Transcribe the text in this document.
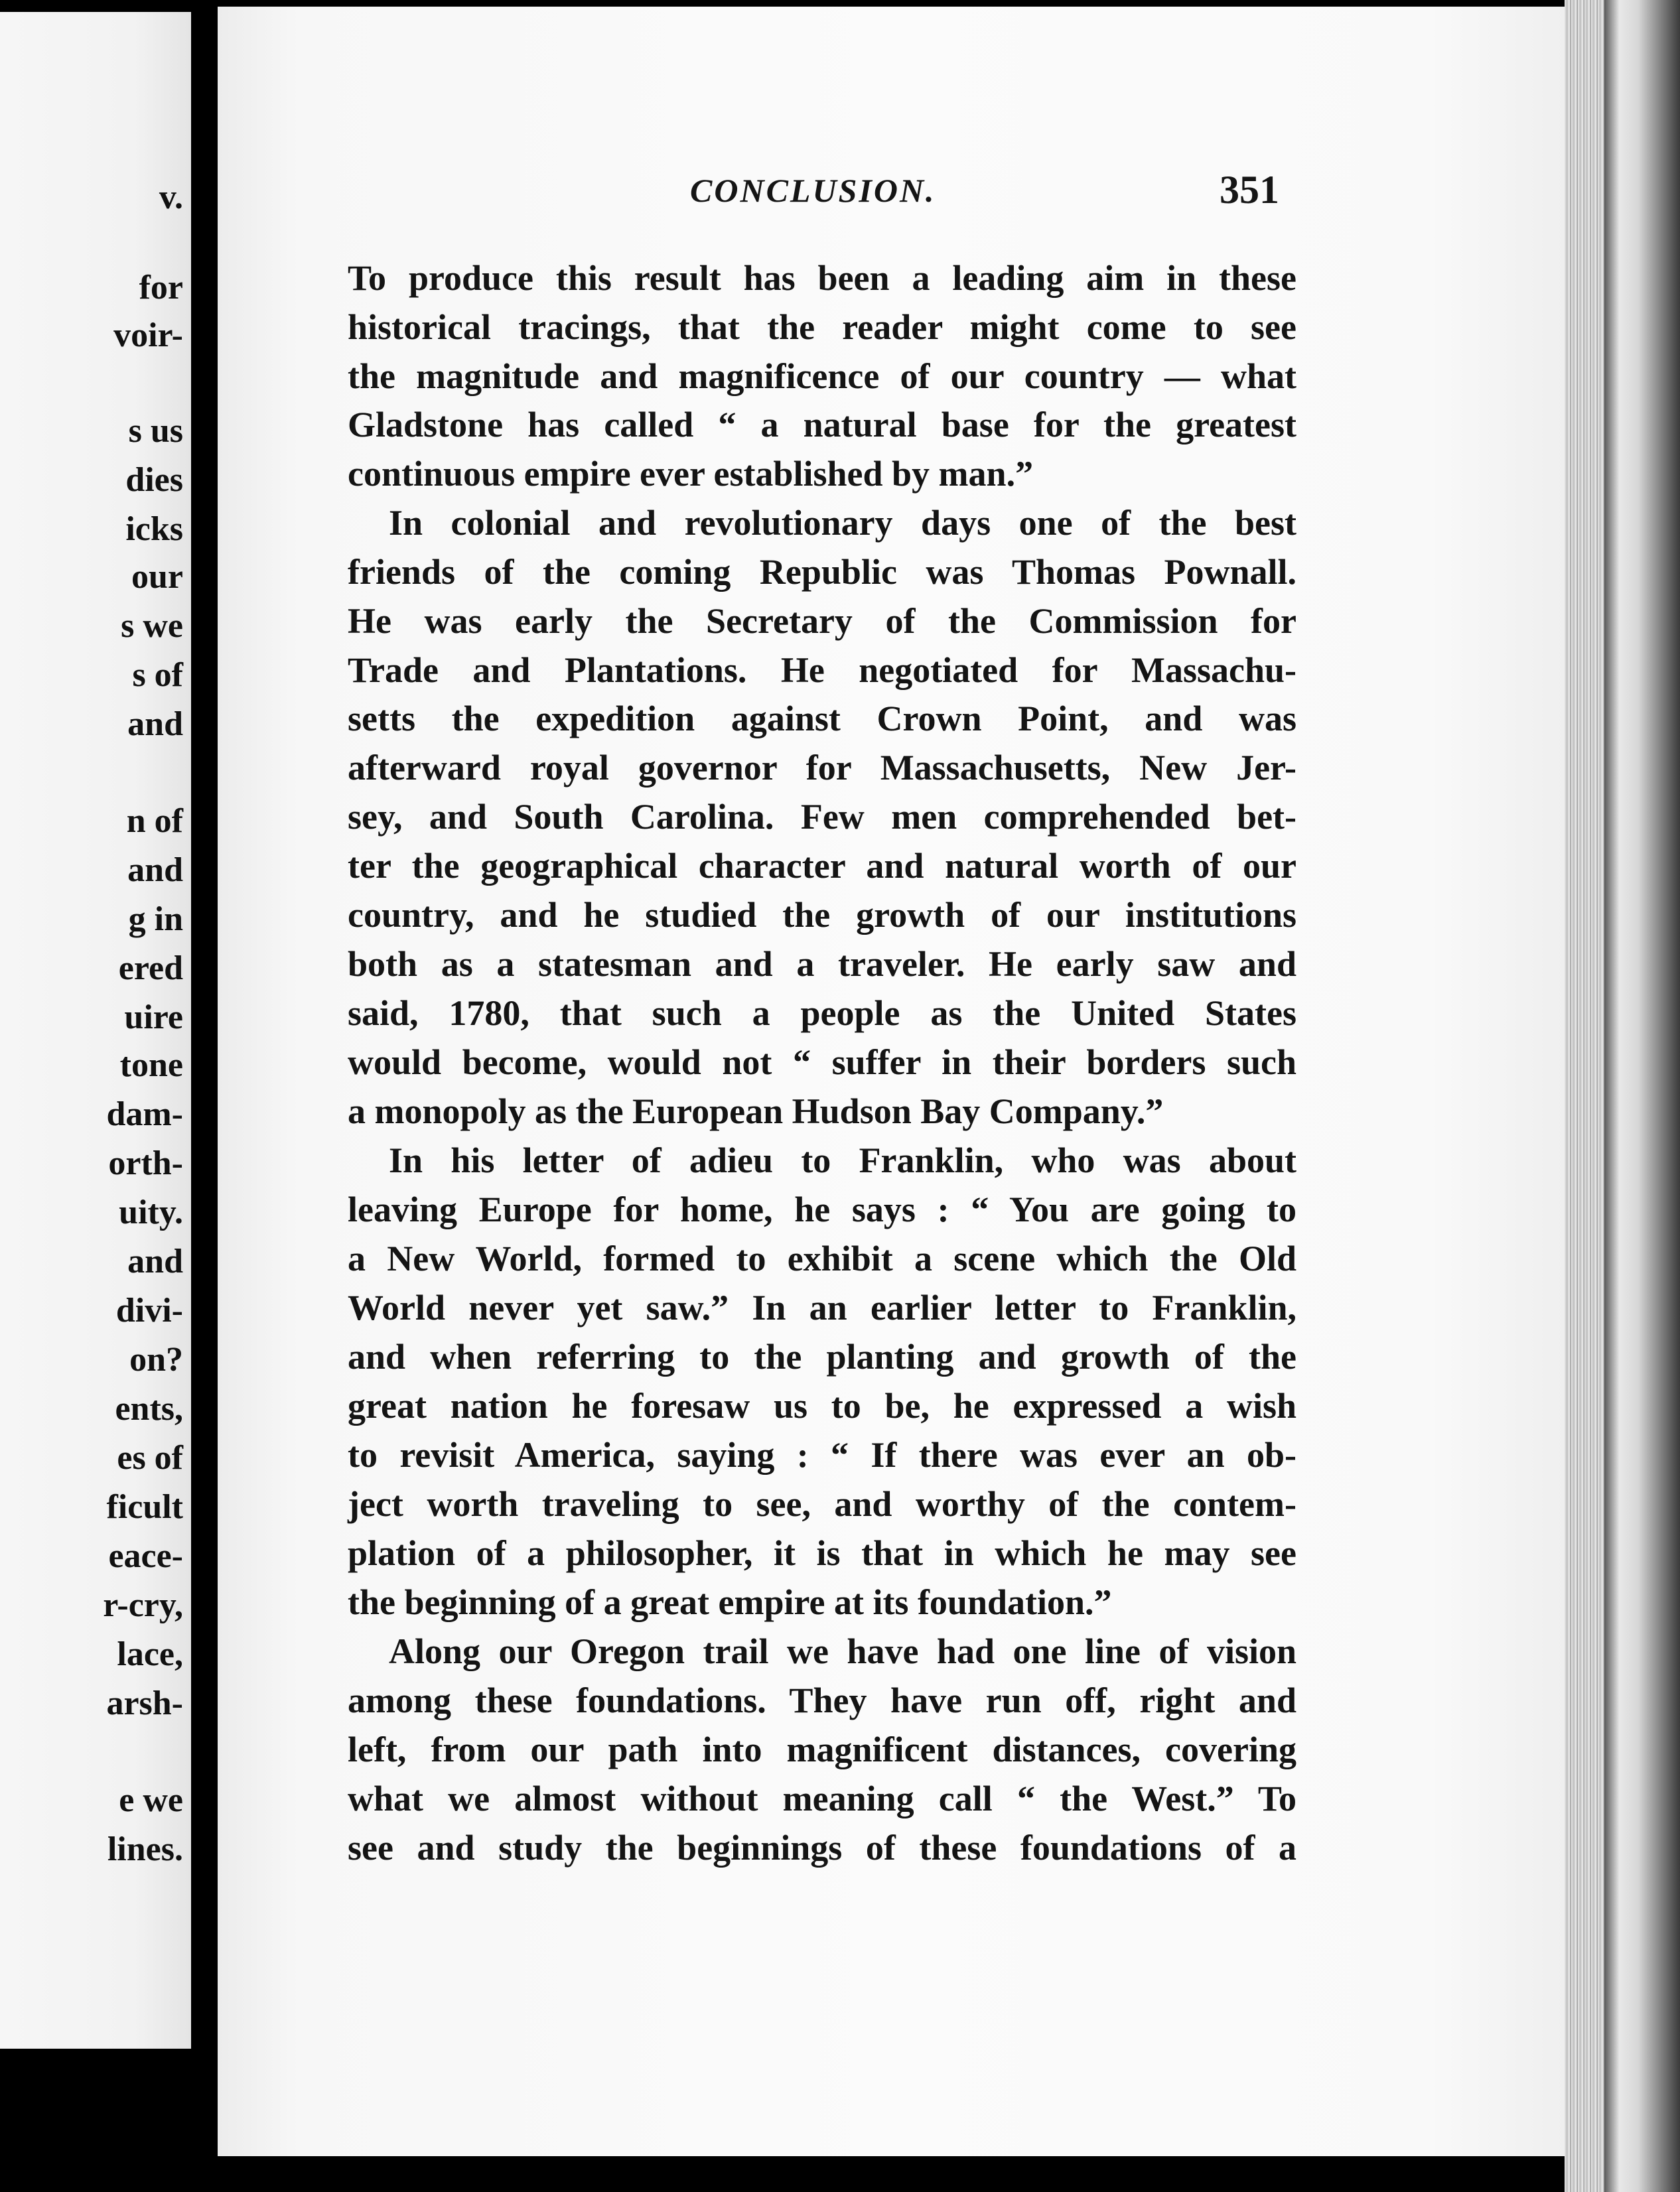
v.
for
voir-
s us
dies
icks
our
s we
s of
and
n of
and
g in
ered
uire
tone
dam-
orth-
uity.
and
divi-
on?
ents,
es of
ficult
eace-
r-cry,
lace,
arsh-
e we
lines.
CONCLUSION.	351
To produce this result has been a leading aim in these
historical tracings, that the reader might come to see
the magnitude and magnificence of our country — what
Gladstone has called “ a natural base for the greatest
continuous empire ever established by man.”
In colonial and revolutionary days one of the best
friends of the coming Republic was Thomas Pownall.
He was early the Secretary of the Commission for
Trade and Plantations. He negotiated for Massachu-
setts the expedition against Crown Point, and was
afterward royal governor for Massachusetts, New Jer-
sey, and South Carolina. Few men comprehended bet-
ter the geographical character and natural worth of our
country, and he studied the growth of our institutions
both as a statesman and a traveler. He early saw and
said, 1780, that such a people as the United States
would become, would not “ suffer in their borders such
a monopoly as the European Hudson Bay Company.”
In his letter of adieu to Franklin, who was about
leaving Europe for home, he says : “ You are going to
a New World, formed to exhibit a scene which the Old
World never yet saw.” In an earlier letter to Franklin,
and when referring to the planting and growth of the
great nation he foresaw us to be, he expressed a wish
to revisit America, saying : “ If there was ever an ob-
ject worth traveling to see, and worthy of the contem-
plation of a philosopher, it is that in which he may see
the beginning of a great empire at its foundation.”
Along our Oregon trail we have had one line of vision
among these foundations. They have run off, right and
left, from our path into magnificent distances, covering
what we almost without meaning call “ the West.” To
see and study the beginnings of these foundations of a
